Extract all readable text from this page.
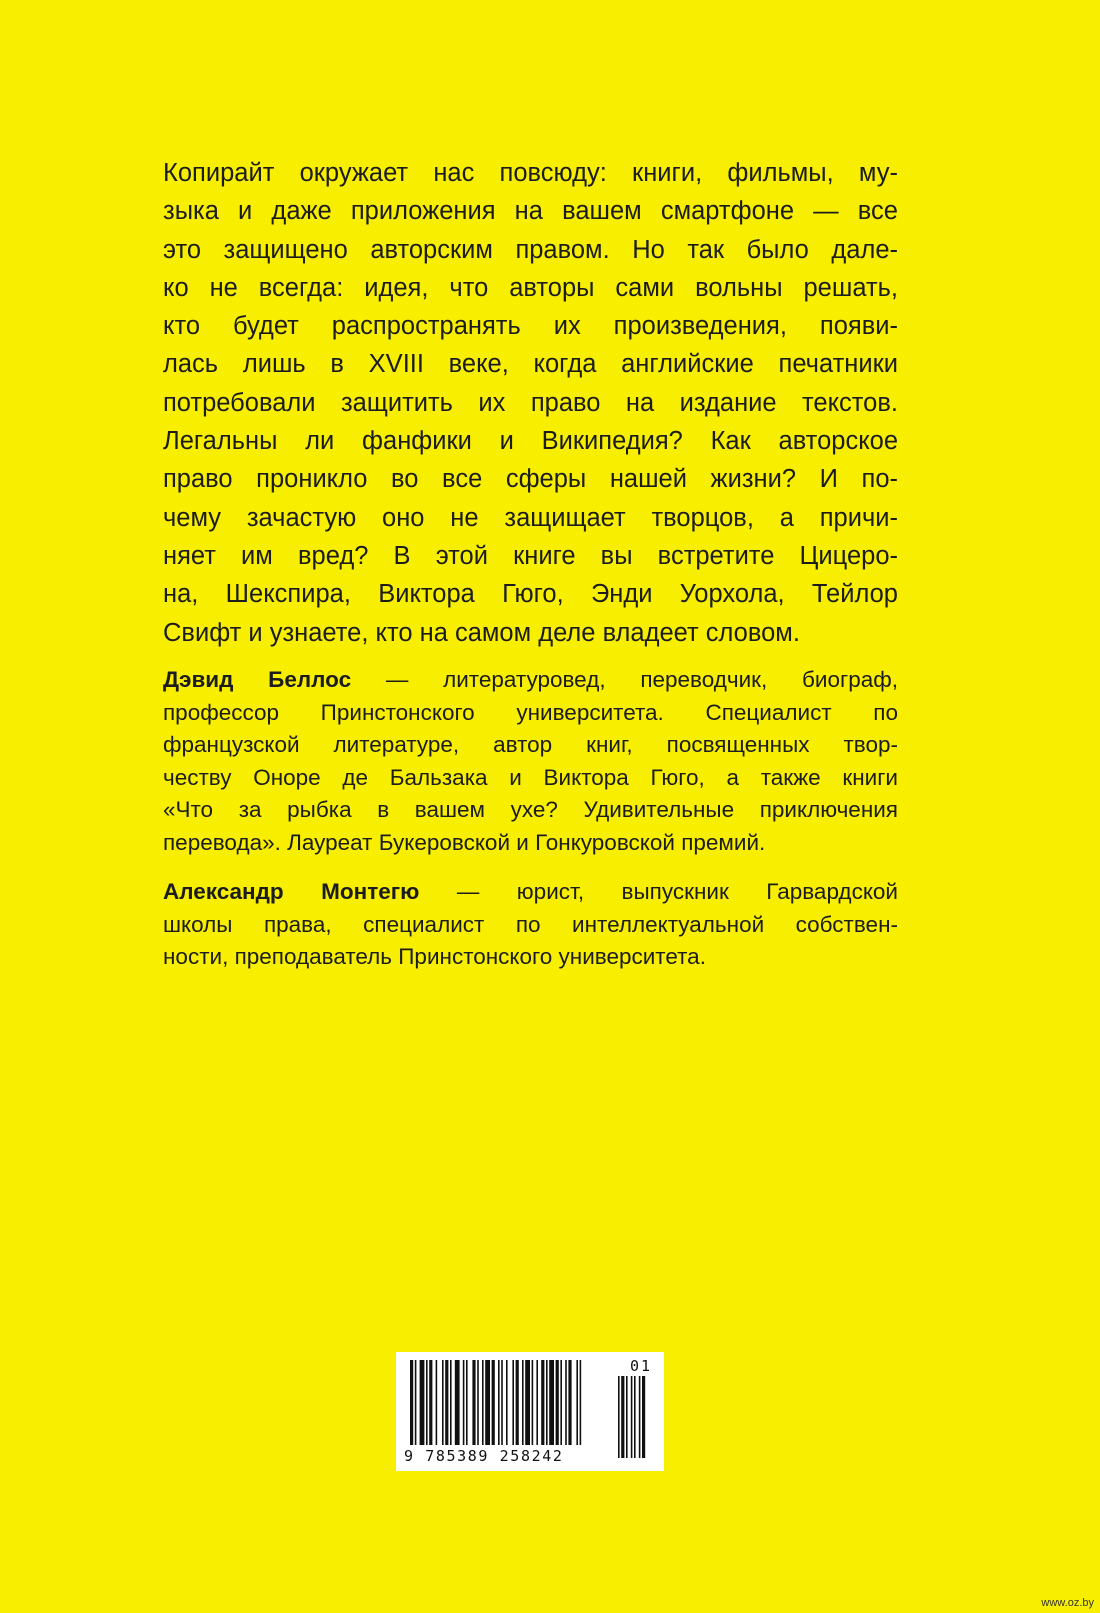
Копирайт окружает нас повсюду: книги, фильмы, му-
зыка и даже приложения на вашем смартфоне — все
это защищено авторским правом. Но так было дале-
ко не всегда: идея, что авторы сами вольны решать,
кто будет распространять их произведения, появи-
лась лишь в XVIII веке, когда английские печатники
потребовали защитить их право на издание текстов.
Легальны ли фанфики и Википедия? Как авторское
право проникло во все сферы нашей жизни? И по-
чему зачастую оно не защищает творцов, а причи-
няет им вред? В этой книге вы встретите Цицеро-
на, Шекспира, Виктора Гюго, Энди Уорхола, Тейлор
Свифт и узнаете, кто на самом деле владеет словом.
Дэвид Беллос — литературовед, переводчик, биограф,
профессор Принстонского университета. Специалист по
французской литературе, автор книг, посвященных твор-
честву Оноре де Бальзака и Виктора Гюго, а также книги
«Что за рыбка в вашем ухе? Удивительные приключения
перевода». Лауреат Букеровской и Гонкуровской премий.
Александр Монтегю — юрист, выпускник Гарвардской
школы права, специалист по интеллектуальной собствен-
ности, преподаватель Принстонского университета.
01
9 785389 258242
www.oz.by
